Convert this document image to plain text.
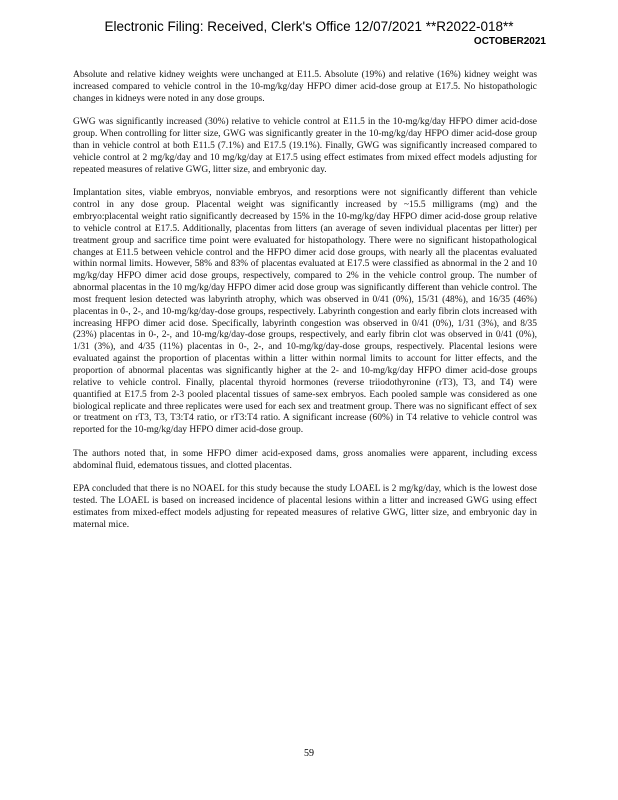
Electronic Filing: Received, Clerk's Office 12/07/2021 **R2022-018**
OCTOBER2021

Absolute and relative kidney weights were unchanged at E11.5. Absolute (19%) and relative (16%) kidney weight was increased compared to vehicle control in the 10-mg/kg/day HFPO dimer acid-dose group at E17.5. No histopathologic changes in kidneys were noted in any dose groups.

GWG was significantly increased (30%) relative to vehicle control at E11.5 in the 10-mg/kg/day HFPO dimer acid-dose group. When controlling for litter size, GWG was significantly greater in the 10-mg/kg/day HFPO dimer acid-dose group than in vehicle control at both E11.5 (7.1%) and E17.5 (19.1%). Finally, GWG was significantly increased compared to vehicle control at 2 mg/kg/day and 10 mg/kg/day at E17.5 using effect estimates from mixed effect models adjusting for repeated measures of relative GWG, litter size, and embryonic day.

Implantation sites, viable embryos, nonviable embryos, and resorptions were not significantly different than vehicle control in any dose group. Placental weight was significantly increased by ~15.5 milligrams (mg) and the embryo:placental weight ratio significantly decreased by 15% in the 10-mg/kg/day HFPO dimer acid-dose group relative to vehicle control at E17.5. Additionally, placentas from litters (an average of seven individual placentas per litter) per treatment group and sacrifice time point were evaluated for histopathology. There were no significant histopathological changes at E11.5 between vehicle control and the HFPO dimer acid dose groups, with nearly all the placentas evaluated within normal limits. However, 58% and 83% of placentas evaluated at E17.5 were classified as abnormal in the 2 and 10 mg/kg/day HFPO dimer acid dose groups, respectively, compared to 2% in the vehicle control group. The number of abnormal placentas in the 10 mg/kg/day HFPO dimer acid dose group was significantly different than vehicle control. The most frequent lesion detected was labyrinth atrophy, which was observed in 0/41 (0%), 15/31 (48%), and 16/35 (46%) placentas in 0-, 2-, and 10-mg/kg/day-dose groups, respectively. Labyrinth congestion and early fibrin clots increased with increasing HFPO dimer acid dose. Specifically, labyrinth congestion was observed in 0/41 (0%), 1/31 (3%), and 8/35 (23%) placentas in 0-, 2-, and 10-mg/kg/day-dose groups, respectively, and early fibrin clot was observed in 0/41 (0%), 1/31 (3%), and 4/35 (11%) placentas in 0-, 2-, and 10-mg/kg/day-dose groups, respectively. Placental lesions were evaluated against the proportion of placentas within a litter within normal limits to account for litter effects, and the proportion of abnormal placentas was significantly higher at the 2- and 10-mg/kg/day HFPO dimer acid-dose groups relative to vehicle control. Finally, placental thyroid hormones (reverse triiodothyronine (rT3), T3, and T4) were quantified at E17.5 from 2-3 pooled placental tissues of same-sex embryos. Each pooled sample was considered as one biological replicate and three replicates were used for each sex and treatment group. There was no significant effect of sex or treatment on rT3, T3, T3:T4 ratio, or rT3:T4 ratio. A significant increase (60%) in T4 relative to vehicle control was reported for the 10-mg/kg/day HFPO dimer acid-dose group.

The authors noted that, in some HFPO dimer acid-exposed dams, gross anomalies were apparent, including excess abdominal fluid, edematous tissues, and clotted placentas.

EPA concluded that there is no NOAEL for this study because the study LOAEL is 2 mg/kg/day, which is the lowest dose tested. The LOAEL is based on increased incidence of placental lesions within a litter and increased GWG using effect estimates from mixed-effect models adjusting for repeated measures of relative GWG, litter size, and embryonic day in maternal mice.

59
